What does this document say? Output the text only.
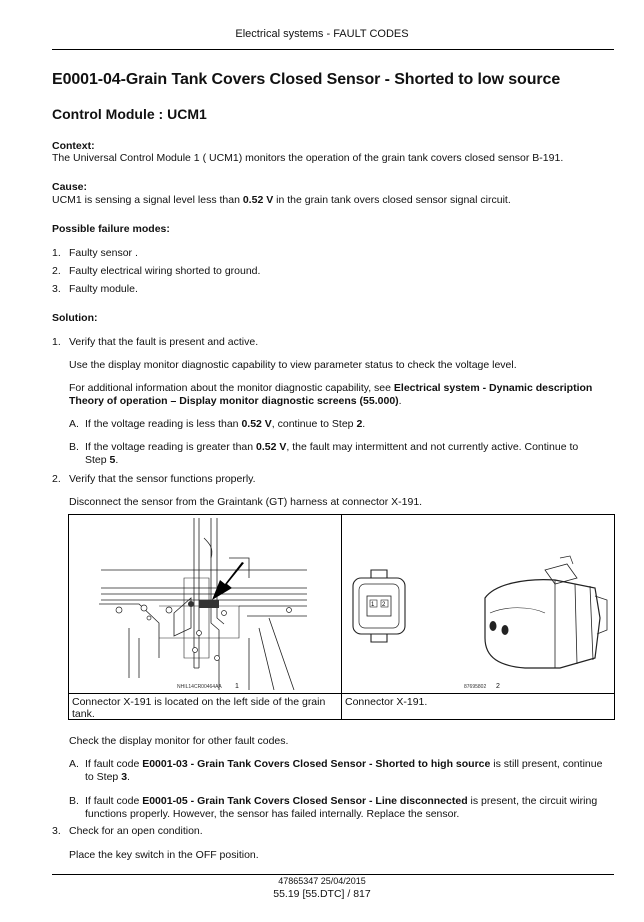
Electrical systems - FAULT CODES
E0001-04-Grain Tank Covers Closed Sensor - Shorted to low source
Control Module : UCM1
Context:
The Universal Control Module 1 ( UCM1) monitors the operation of the grain tank covers closed sensor B-191.
Cause:
UCM1 is sensing a signal level less than 0.52 V in the grain tank overs closed sensor signal circuit.
Possible failure modes:
1. Faulty sensor .
2. Faulty electrical wiring shorted to ground.
3. Faulty module.
Solution:
1. Verify that the fault is present and active.
Use the display monitor diagnostic capability to view parameter status to check the voltage level.
For additional information about the monitor diagnostic capability, see Electrical system - Dynamic description
Theory of operation – Display monitor diagnostic screens (55.000).
A. If the voltage reading is less than 0.52 V, continue to Step 2.
B. If the voltage reading is greater than 0.52 V, the fault may intermittent and not currently active. Continue to
Step 5.
2. Verify that the sensor functions properly.
Disconnect the sensor from the Graintank (GT) harness at connector X-191.
NHIL14CR00464AA 1
1 2
87695802 2
Connector X-191 is located on the left side of the grain
tank.
Connector X-191.
Check the display monitor for other fault codes.
A. If fault code E0001-03 - Grain Tank Covers Closed Sensor - Shorted to high source is still present, continue
to Step 3.
B. If fault code E0001-05 - Grain Tank Covers Closed Sensor - Line disconnected is present, the circuit wiring
functions properly. However, the sensor has failed internally. Replace the sensor.
3. Check for an open condition.
Place the key switch in the OFF position.
47865347 25/04/2015
55.19 [55.DTC] / 817
